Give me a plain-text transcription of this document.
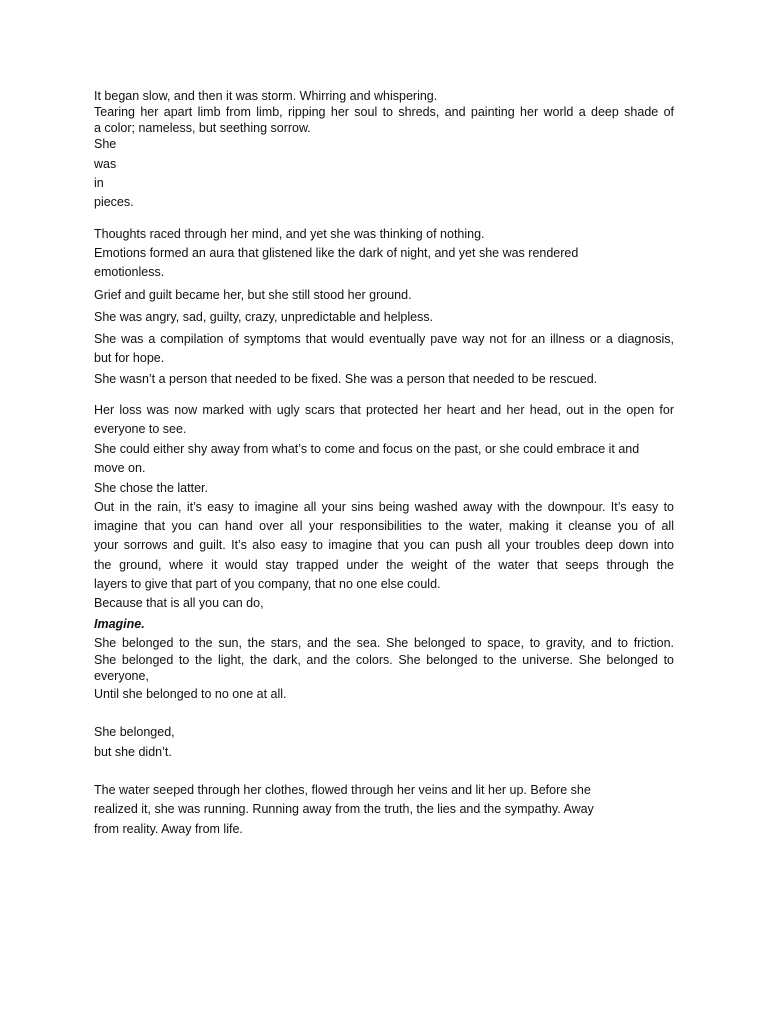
It began slow, and then it was storm. Whirring and whispering.
Tearing her apart limb from limb, ripping her soul to shreds, and painting her world a deep shade of
a color; nameless, but seething sorrow.
She
was
in
pieces.
Thoughts raced through her mind, and yet she was thinking of nothing.
Emotions formed an aura that glistened like the dark of night, and yet she was rendered
emotionless.
Grief and guilt became her, but she still stood her ground.
She was angry, sad, guilty, crazy, unpredictable and helpless.
She was a compilation of symptoms that would eventually pave way not for an illness or a diagnosis,
but for hope.
She wasn’t a person that needed to be fixed. She was a person that needed to be rescued.
Her loss was now marked with ugly scars that protected her heart and her head, out in the open for
everyone to see.
She could either shy away from what’s to come and focus on the past, or she could embrace it and
move on.
She chose the latter.
Out in the rain, it’s easy to imagine all your sins being washed away with the downpour. It’s easy to
imagine that you can hand over all your responsibilities to the water, making it cleanse you of all
your sorrows and guilt. It’s also easy to imagine that you can push all your troubles deep down into
the ground, where it would stay trapped under the weight of the water that seeps through the
layers to give that part of you company, that no one else could.
Because that is all you can do,
Imagine.
She belonged to the sun, the stars, and the sea. She belonged to space, to gravity, and to friction.
She belonged to the light, the dark, and the colors. She belonged to the universe. She belonged to
everyone,
Until she belonged to no one at all.
She belonged,
but she didn’t.
The water seeped through her clothes, flowed through her veins and lit her up. Before she
realized it, she was running. Running away from the truth, the lies and the sympathy. Away
from reality. Away from life.
